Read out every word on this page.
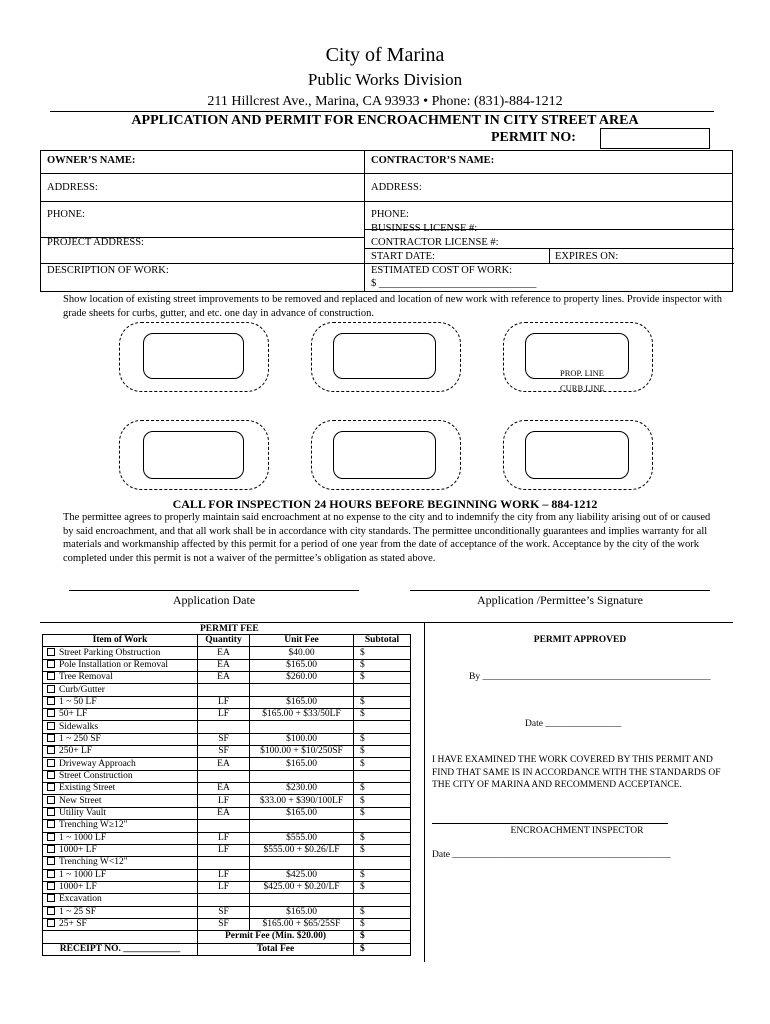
City of Marina
Public Works Division
211 Hillcrest Ave., Marina, CA 93933 • Phone: (831)-884-1212
APPLICATION AND PERMIT FOR ENCROACHMENT IN CITY STREET AREA
PERMIT NO:
OWNER’S NAME:	CONTRACTOR’S NAME:
ADDRESS:	ADDRESS:
PHONE:	PHONE:
BUSINESS LICENSE #:
PROJECT ADDRESS:	CONTRACTOR LICENSE #:
START DATE:	EXPIRES ON:
DESCRIPTION OF WORK:	ESTIMATED COST OF WORK:
$ ______________________________
Show location of existing street improvements to be removed and replaced and location of new work with reference to property lines. Provide inspector with grade sheets for curbs, gutter, and etc. one day in advance of construction.
PROP. LINE
CURB LINE
CALL FOR INSPECTION 24 HOURS BEFORE BEGINNING WORK – 884-1212
The permittee agrees to properly maintain said encroachment at no expense to the city and to indemnify the city from any liability arising out of or caused by said encroachment, and that all work shall be in accordance with city standards. The permittee unconditionally guarantees and implies warranty for all materials and workmanship affected by this permit for a period of one year from the date of acceptance of the work. Acceptance by the city of the work completed under this permit is not a waiver of the permittee’s obligation as stated above.
Application Date	Application /Permittee’s Signature
PERMIT FEE
Item of Work	Quantity	Unit Fee	Subtotal
Street Parking Obstruction	EA	$40.00	$
Pole Installation or Removal	EA	$165.00	$
Tree Removal	EA	$260.00	$
Curb/Gutter			
1 ~ 50 LF	LF	$165.00	$
50+ LF	LF	$165.00 + $33/50LF	$
Sidewalks			
1 ~ 250 SF	SF	$100.00	$
250+ LF	SF	$100.00 + $10/250SF	$
Driveway Approach	EA	$165.00	$
Street Construction			
Existing Street	EA	$230.00	$
New Street	LF	$33.00 + $390/100LF	$
Utility Vault	EA	$165.00	$
Trenching W≥12"			
1 ~ 1000 LF	LF	$555.00	$
1000+ LF	LF	$555.00 + $0.26/LF	$
Trenching W<12"			
1 ~ 1000 LF	LF	$425.00	$
1000+ LF	LF	$425.00 + $0.20/LF	$
Excavation			
1 ~ 25 SF	SF	$165.00	$
25+ SF	SF	$165.00 + $65/25SF	$
	Permit Fee (Min. $20.00)		$
RECEIPT NO. ____________	Total Fee		$
PERMIT APPROVED
By ________________________________________________
Date ________________
I HAVE EXAMINED THE WORK COVERED BY THIS PERMIT AND FIND THAT SAME IS IN ACCORDANCE WITH THE STANDARDS OF THE CITY OF MARINA AND RECOMMEND ACCEPTANCE.
ENCROACHMENT INSPECTOR
Date ______________________________________________
